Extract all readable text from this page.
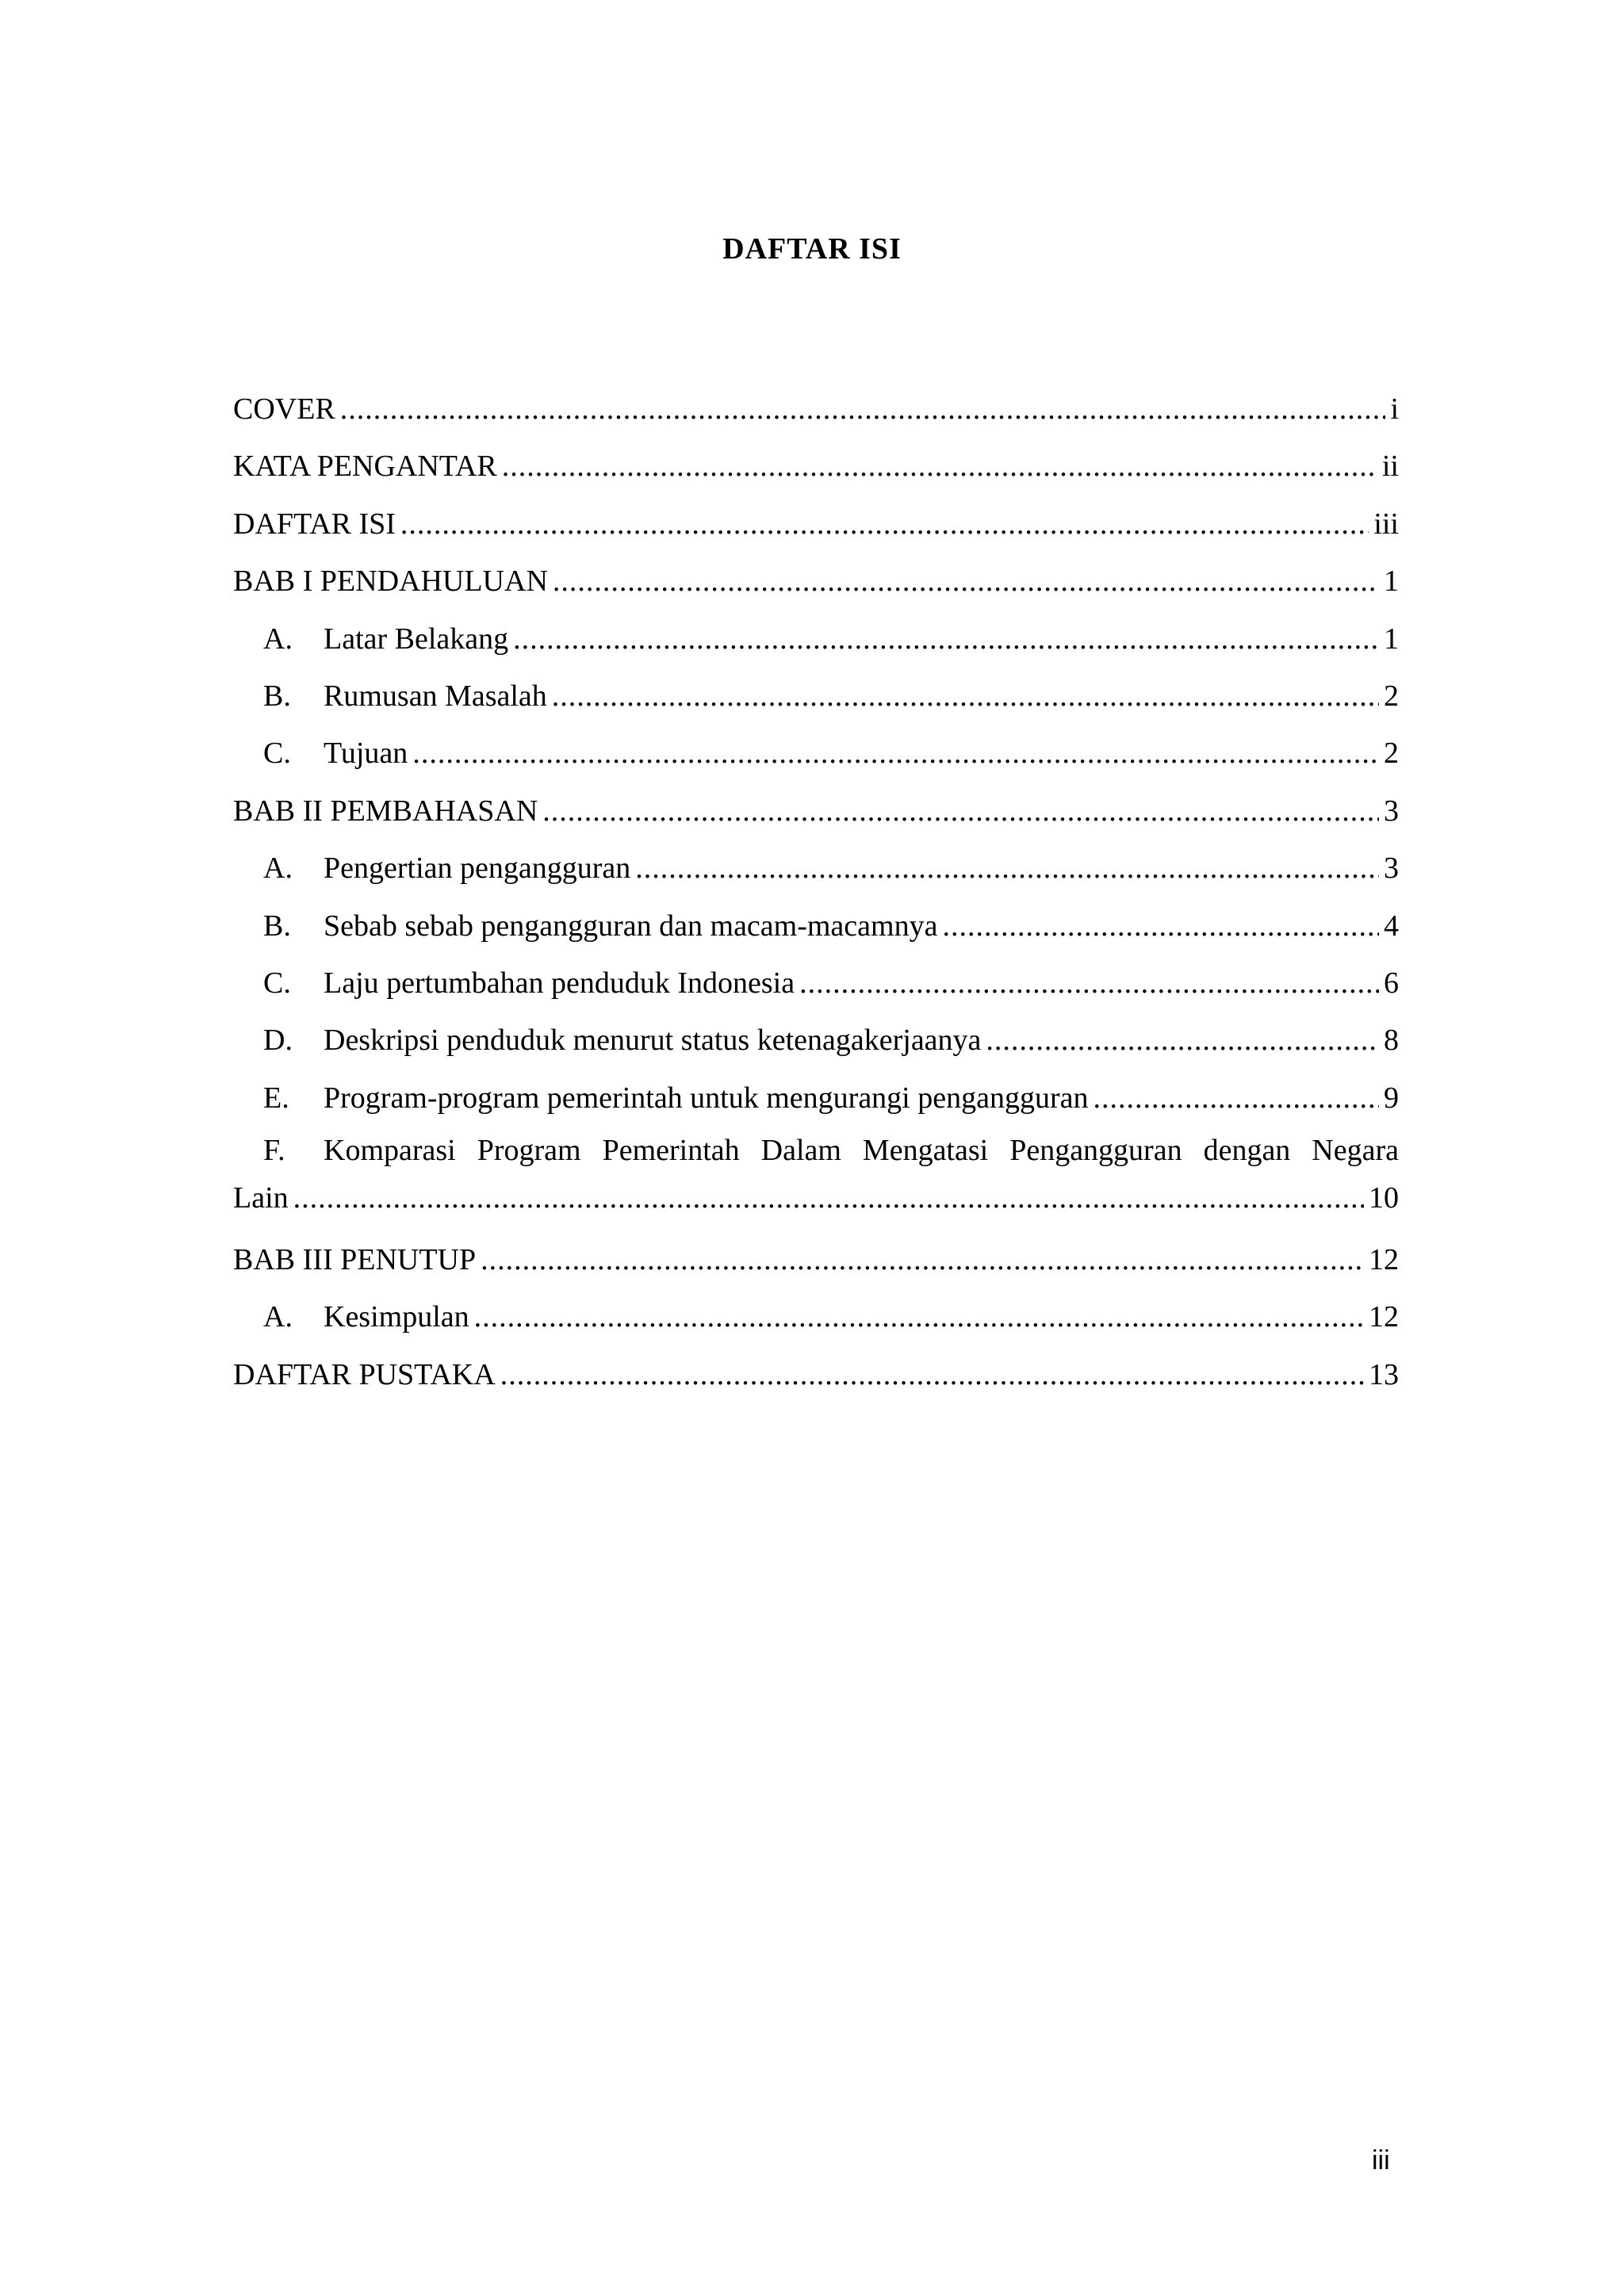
DAFTAR ISI
COVER .....	i
KATA PENGANTAR .....	ii
DAFTAR ISI .....	iii
BAB I PENDAHULUAN .....	1
A.	Latar Belakang .....	1
B.	Rumusan Masalah .....	2
C.	Tujuan .....	2
BAB II PEMBAHASAN .....	3
A.	Pengertian pengangguran .....	3
B.	Sebab sebab pengangguran dan macam-macamnya .....	4
C.	Laju pertumbahan penduduk Indonesia .....	6
D.	Deskripsi penduduk menurut status ketenagakerjaanya .....	8
E.	Program-program pemerintah untuk mengurangi pengangguran .....	9
F.	Komparasi Program Pemerintah Dalam Mengatasi Pengangguran dengan Negara
Lain .....	10
BAB III PENUTUP .....	12
A.	Kesimpulan .....	12
DAFTAR PUSTAKA .....	13
iii
